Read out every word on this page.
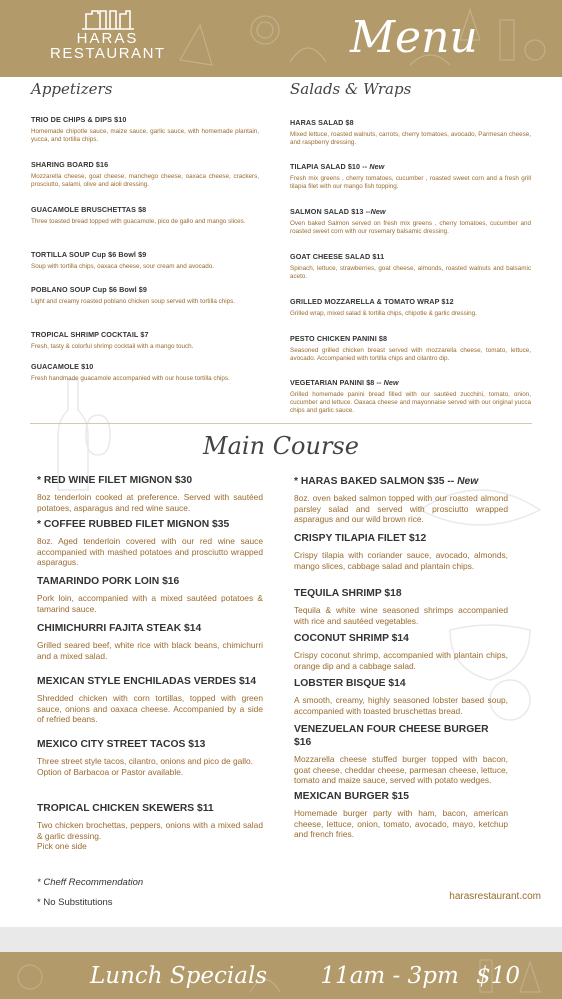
HARAS
RESTAURANT	Menu
Appetizers	Salads & Wraps
TRIO DE CHIPS & DIPS $10
Homemade chipotle sauce, maize sauce, garlic sauce, with homemade plantain, yucca, and tortilla chips.
SHARING BOARD $16
Mozzarella cheese, goat cheese, manchego cheese, oaxaca cheese, crackers, prosciutto, salami, olive and aioli dressing.
GUACAMOLE BRUSCHETTAS $8
Three toasted bread topped with guacamole, pico de gallo and mango slices.
TORTILLA SOUP Cup $6 Bowl $9
Soup with tortilla chips, oaxaca cheese, sour cream and avocado.
POBLANO SOUP Cup $6 Bowl $9
Light and creamy roasted poblano chicken soup served with tortilla chips.
TROPICAL SHRIMP COCKTAIL $7
Fresh, tasty & colorful shrimp cocktail with a mango touch.
GUACAMOLE $10
Fresh handmade guacamole accompanied with our house tortilla chips.
HARAS SALAD $8
Mixed lettuce, roasted walnuts, carrots, cherry tomatoes, avocado, Parmesan cheese, and raspberry dressing.
TILAPIA SALAD $10 -- New
Fresh mix greens , cherry tomatoes, cucumber , roasted sweet corn and a fresh grill tilapia filet with our mango fish topping.
SALMON SALAD $13 --New
Oven baked Salmon served on fresh mix greens , cherry tomatoes, cucumber and roasted sweet corn with our rosemary balsamic dressing.
GOAT CHEESE SALAD $11
Spinach, lettuce, strawberries, goat cheese, almonds, roasted walnuts and balsamic aceto.
GRILLED MOZZARELLA & TOMATO WRAP $12
Grilled wrap, mixed salad & tortilla chips, chipotle & garlic dressing.
PESTO CHICKEN PANINI $8
Seasoned grilled chicken breast served with mozzarella cheese, tomato, lettuce, avocado. Accompanied with tortilla chips and cilantro dip.
VEGETARIAN PANINI $8 -- New
Grilled homemade panini bread filled with our sautéed zucchini, tomato, onion, cucumber and lettuce. Oaxaca cheese and mayonnaise served with our original yucca chips and garlic sauce.
Main Course
* RED WINE FILET MIGNON $30
8oz tenderloin cooked at preference. Served with sautéed potatoes, asparagus and red wine sauce.
* COFFEE RUBBED FILET MIGNON $35
8oz. Aged tenderloin covered with our red wine sauce accompanied with mashed potatoes and prosciutto wrapped asparagus.
TAMARINDO PORK LOIN $16
Pork loin, accompanied with a mixed sautéed potatoes & tamarind sauce.
CHIMICHURRI FAJITA STEAK $14
Grilled seared beef, white rice with black beans, chimichurri and a mixed salad.
MEXICAN STYLE ENCHILADAS VERDES $14
Shredded chicken with corn tortillas, topped with green sauce, onions and oaxaca cheese. Accompanied by a side of refried beans.
MEXICO CITY STREET TACOS $13
Three street style tacos, cilantro, onions and pico de gallo.
Option of Barbacoa or Pastor available.
TROPICAL CHICKEN SKEWERS $11
Two chicken brochettas, peppers, onions with a mixed salad & garlic dressing.
Pick one side
* HARAS BAKED SALMON $35 -- New
8oz. oven baked salmon topped with our roasted almond parsley salad and served with prosciutto wrapped asparagus and our wild brown rice.
CRISPY TILAPIA FILET $12
Crispy tilapia with coriander sauce, avocado, almonds, mango slices, cabbage salad and plantain chips.
TEQUILA SHRIMP $18
Tequila & white wine seasoned shrimps accompanied with rice and sautéed vegetables.
COCONUT SHRIMP $14
Crispy coconut shrimp, accompanied with plantain chips, orange dip and a cabbage salad.
LOBSTER BISQUE $14
A smooth, creamy, highly seasoned lobster based soup, accompanied with toasted bruschettas bread.
VENEZUELAN FOUR CHEESE BURGER $16
Mozzarella cheese stuffed burger topped with bacon, goat cheese, cheddar cheese, parmesan cheese, lettuce, tomato and maize sauce, served with potato wedges.
MEXICAN BURGER $15
Homemade burger party with ham, bacon, american cheese, lettuce, onion, tomato, avocado, mayo, ketchup and french fries.
* Cheff Recommendation
* No Substitutions
harasrestaurant.com
Lunch Specials 11am - 3pm $10
